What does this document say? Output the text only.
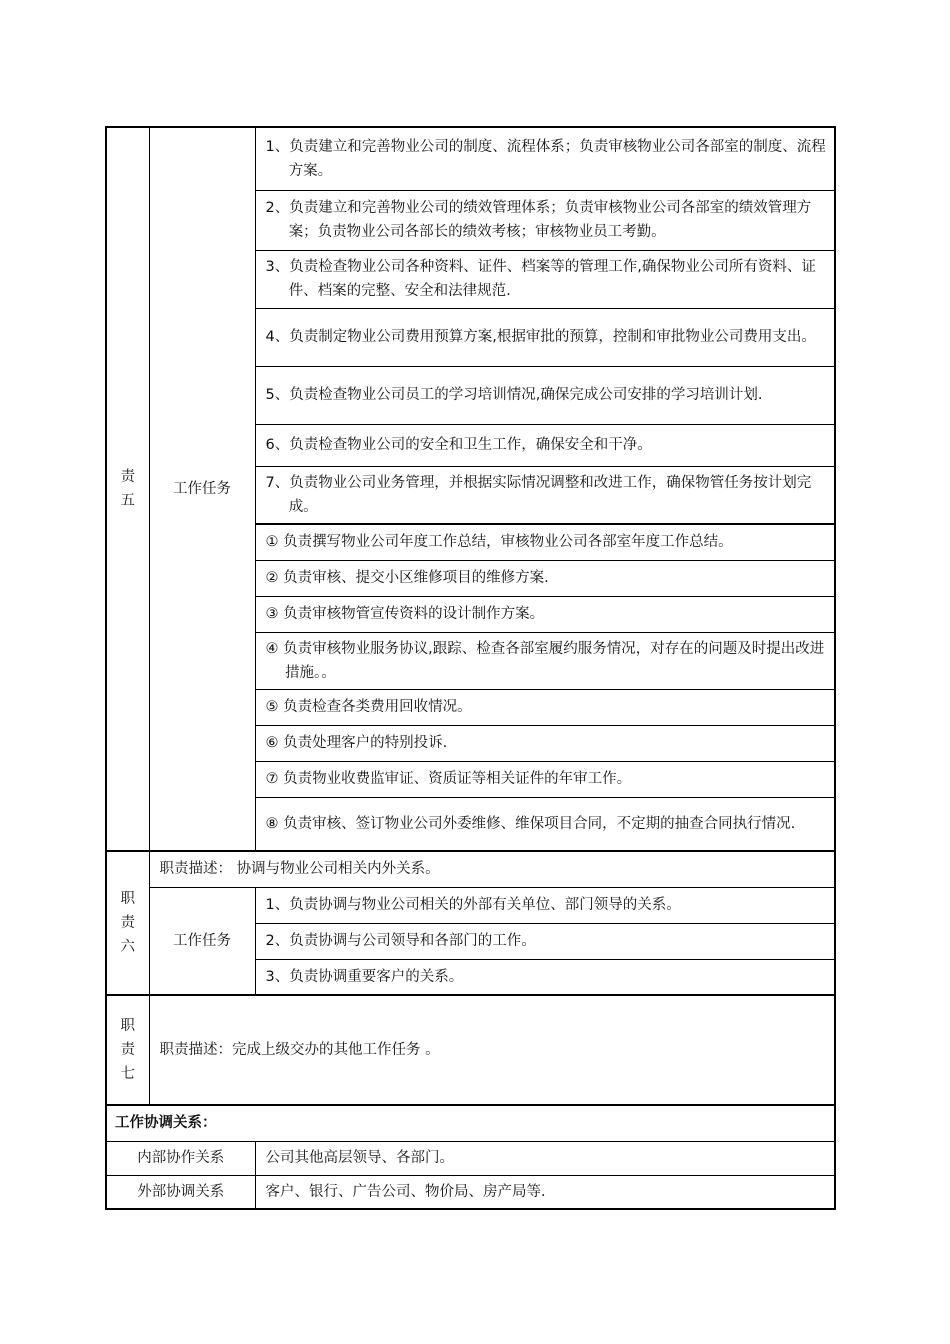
责
五	工作任务	1、负责建立和完善物业公司的制度、流程体系；负责审核物业公司各部室的制度、流程方案。

		2、负责建立和完善物业公司的绩效管理体系；负责审核物业公司各部室的绩效管理方案；负责物业公司各部长的绩效考核；审核物业员工考勤。

		3、负责检查物业公司各种资料、证件、档案等的管理工作,确保物业公司所有资料、证件、档案的完整、安全和法律规范.

		4、负责制定物业公司费用预算方案,根据审批的预算，控制和审批物业公司费用支出。

		5、负责检查物业公司员工的学习培训情况,确保完成公司安排的学习培训计划.

		6、负责检查物业公司的安全和卫生工作，确保安全和干净。

		7、负责物业公司业务管理，并根据实际情况调整和改进工作，确保物管任务按计划完成。

		① 负责撰写物业公司年度工作总结，审核物业公司各部室年度工作总结。

		② 负责审核、提交小区维修项目的维修方案.

		③ 负责审核物管宣传资料的设计制作方案。

		④ 负责审核物业服务协议,跟踪、检查各部室履约服务情况，对存在的问题及时提出改进措施。。

		⑤ 负责检查各类费用回收情况。

		⑥ 负责处理客户的特别投诉.

		⑦ 负责物业收费监审证、资质证等相关证件的年审工作。

		⑧ 负责审核、签订物业公司外委维修、维保项目合同，不定期的抽查合同执行情况.

职
责
六	职责描述： 协调与物业公司相关内外关系。	
	工作任务	1、负责协调与物业公司相关的外部有关单位、部门领导的关系。
		2、负责协调与公司领导和各部门的工作。
		3、负责协调重要客户的关系。
职
责
七	职责描述：完成上级交办的其他工作任务 。	
工作协调关系：		
内部协作关系		公司其他高层领导、各部门。
外部协调关系		客户、银行、广告公司、物价局、房产局等.
